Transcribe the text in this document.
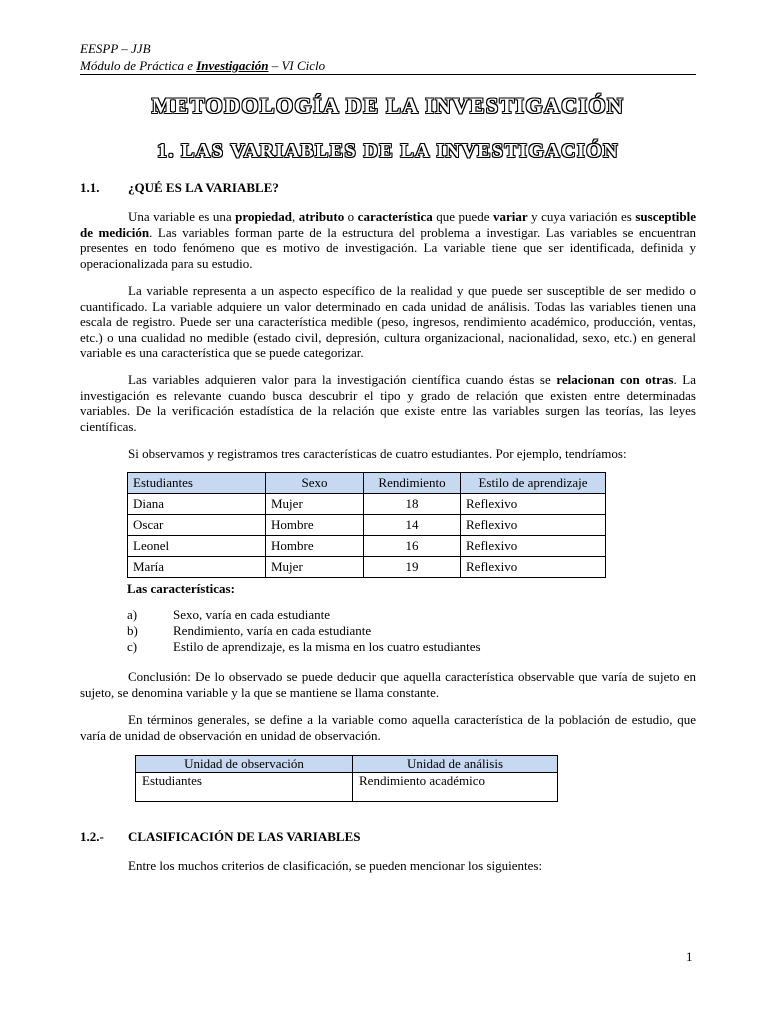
EESPP – JJB
Módulo de Práctica e Investigación – VI Ciclo
METODOLOGÍA DE LA INVESTIGACIÓN
1. LAS VARIABLES DE LA INVESTIGACIÓN
1.1. ¿QUÉ ES LA VARIABLE?
Una variable es una propiedad, atributo o característica que puede variar y cuya variación es susceptible de medición. Las variables forman parte de la estructura del problema a investigar. Las variables se encuentran presentes en todo fenómeno que es motivo de investigación. La variable tiene que ser identificada, definida y operacionalizada para su estudio.
La variable representa a un aspecto específico de la realidad y que puede ser susceptible de ser medido o cuantificado. La variable adquiere un valor determinado en cada unidad de análisis. Todas las variables tienen una escala de registro. Puede ser una característica medible (peso, ingresos, rendimiento académico, producción, ventas, etc.) o una cualidad no medible (estado civil, depresión, cultura organizacional, nacionalidad, sexo, etc.) en general variable es una característica que se puede categorizar.
Las variables adquieren valor para la investigación científica cuando éstas se relacionan con otras. La investigación es relevante cuando busca descubrir el tipo y grado de relación que existen entre determinadas variables. De la verificación estadística de la relación que existe entre las variables surgen las teorías, las leyes científicas.
Si observamos y registramos tres características de cuatro estudiantes. Por ejemplo, tendríamos:
Estudiantes	Sexo	Rendimiento	Estilo de aprendizaje
Diana	Mujer	18	Reflexivo
Oscar	Hombre	14	Reflexivo
Leonel	Hombre	16	Reflexivo
María	Mujer	19	Reflexivo
Las características:
a)	Sexo, varía en cada estudiante
b)	Rendimiento, varía en cada estudiante
c)	Estilo de aprendizaje, es la misma en los cuatro estudiantes
Conclusión: De lo observado se puede deducir que aquella característica observable que varía de sujeto en sujeto, se denomina variable y la que se mantiene se llama constante.
En términos generales, se define a la variable como aquella característica de la población de estudio, que varía de unidad de observación en unidad de observación.
Unidad de observación	Unidad de análisis
Estudiantes	Rendimiento académico
1.2.- CLASIFICACIÓN DE LAS VARIABLES
Entre los muchos criterios de clasificación, se pueden mencionar los siguientes:
1
